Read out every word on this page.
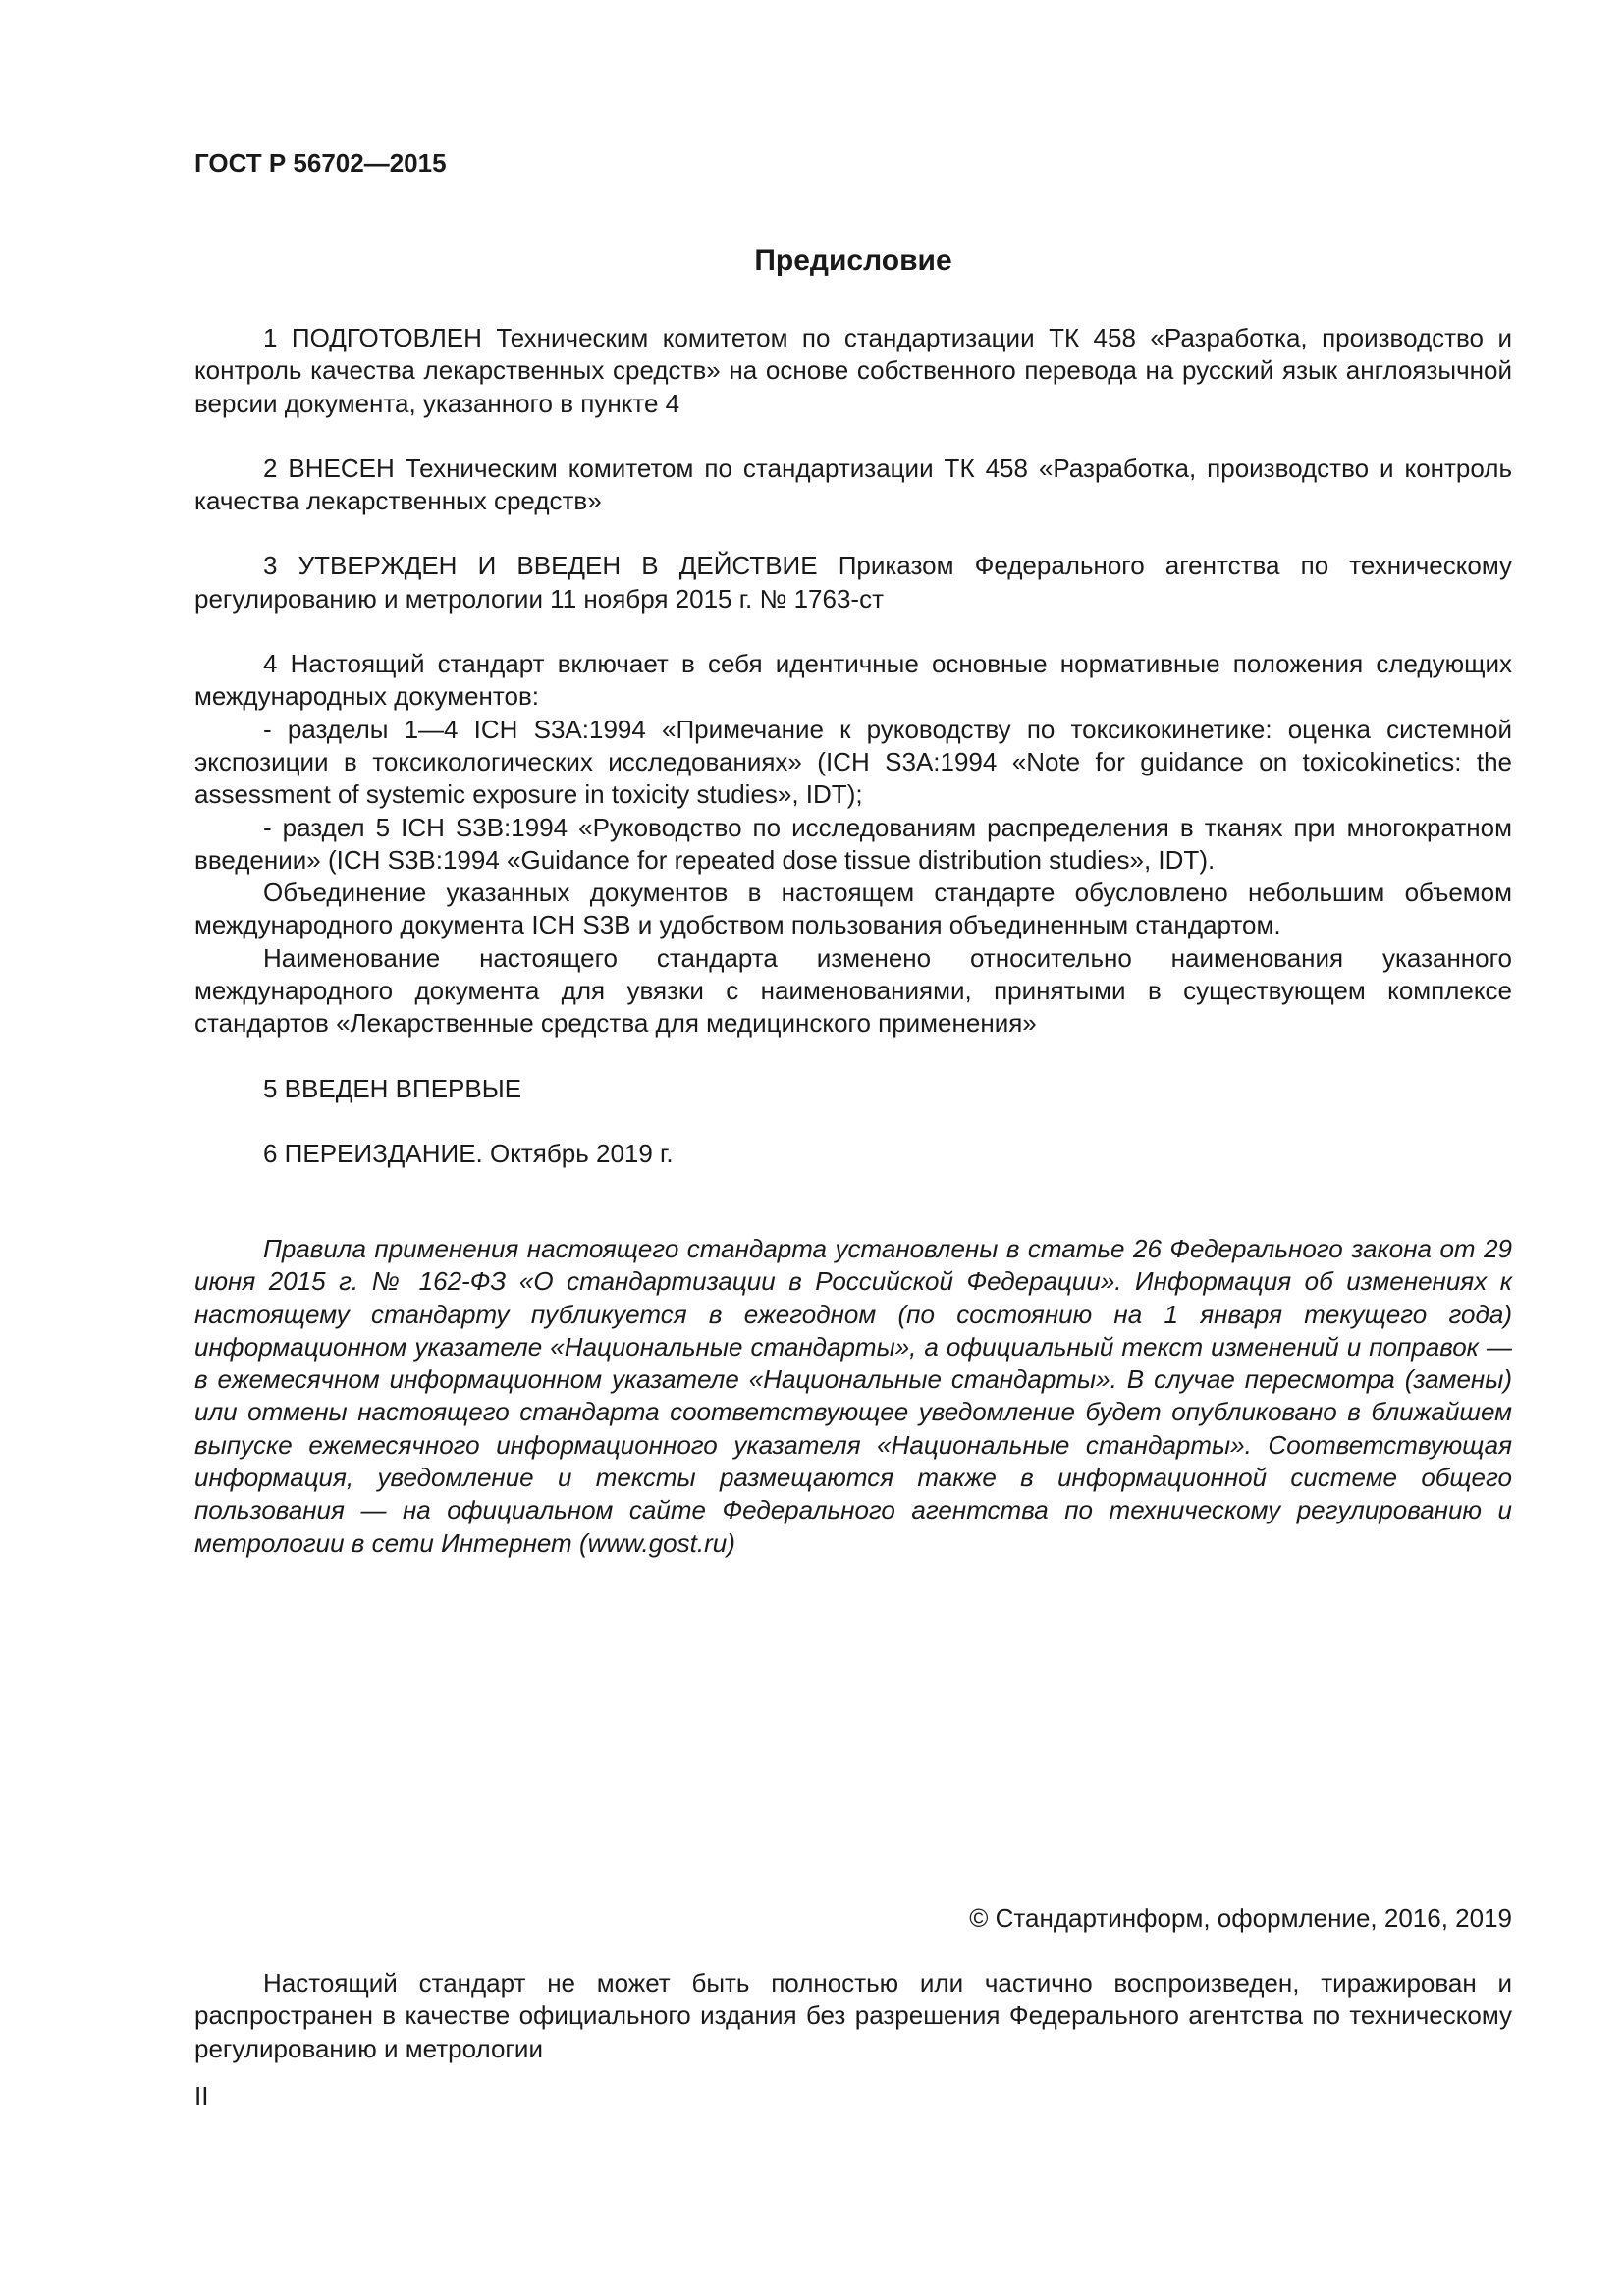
ГОСТ Р 56702—2015
Предисловие

1 ПОДГОТОВЛЕН Техническим комитетом по стандартизации ТК 458 «Разработка, производство и контроль качества лекарственных средств» на основе собственного перевода на русский язык англоязычной версии документа, указанного в пункте 4

2 ВНЕСЕН Техническим комитетом по стандартизации ТК 458 «Разработка, производство и контроль качества лекарственных средств»

3 УТВЕРЖДЕН И ВВЕДЕН В ДЕЙСТВИЕ Приказом Федерального агентства по техническому регулированию и метрологии 11 ноября 2015 г. № 1763-ст

4 Настоящий стандарт включает в себя идентичные основные нормативные положения следующих международных документов:

- разделы 1—4 ICH S3A:1994 «Примечание к руководству по токсикокинетике: оценка системной экспозиции в токсикологических исследованиях» (ICH S3A:1994 «Note for guidance on toxicokinetics: the assessment of systemic exposure in toxicity studies», IDT);

- раздел 5 ICH S3B:1994 «Руководство по исследованиям распределения в тканях при многократном введении» (ICH S3B:1994 «Guidance for repeated dose tissue distribution studies», IDT).

Объединение указанных документов в настоящем стандарте обусловлено небольшим объемом международного документа ICH S3B и удобством пользования объединенным стандартом.

Наименование настоящего стандарта изменено относительно наименования указанного международного документа для увязки с наименованиями, принятыми в существующем комплексе стандартов «Лекарственные средства для медицинского применения»

5 ВВЕДЕН ВПЕРВЫЕ

6 ПЕРЕИЗДАНИЕ. Октябрь 2019 г.

Правила применения настоящего стандарта установлены в статье 26 Федерального закона от 29 июня 2015 г. № 162-ФЗ «О стандартизации в Российской Федерации». Информация об изменениях к настоящему стандарту публикуется в ежегодном (по состоянию на 1 января текущего года) информационном указателе «Национальные стандарты», а официальный текст изменений и поправок — в ежемесячном информационном указателе «Национальные стандарты». В случае пересмотра (замены) или отмены настоящего стандарта соответствующее уведомление будет опубликовано в ближайшем выпуске ежемесячного информационного указателя «Национальные стандарты». Соответствующая информация, уведомление и тексты размещаются также в информационной системе общего пользования — на официальном сайте Федерального агентства по техническому регулированию и метрологии в сети Интернет (www.gost.ru)

© Стандартинформ, оформление, 2016, 2019

Настоящий стандарт не может быть полностью или частично воспроизведен, тиражирован и распространен в качестве официального издания без разрешения Федерального агентства по техническому регулированию и метрологии

II
